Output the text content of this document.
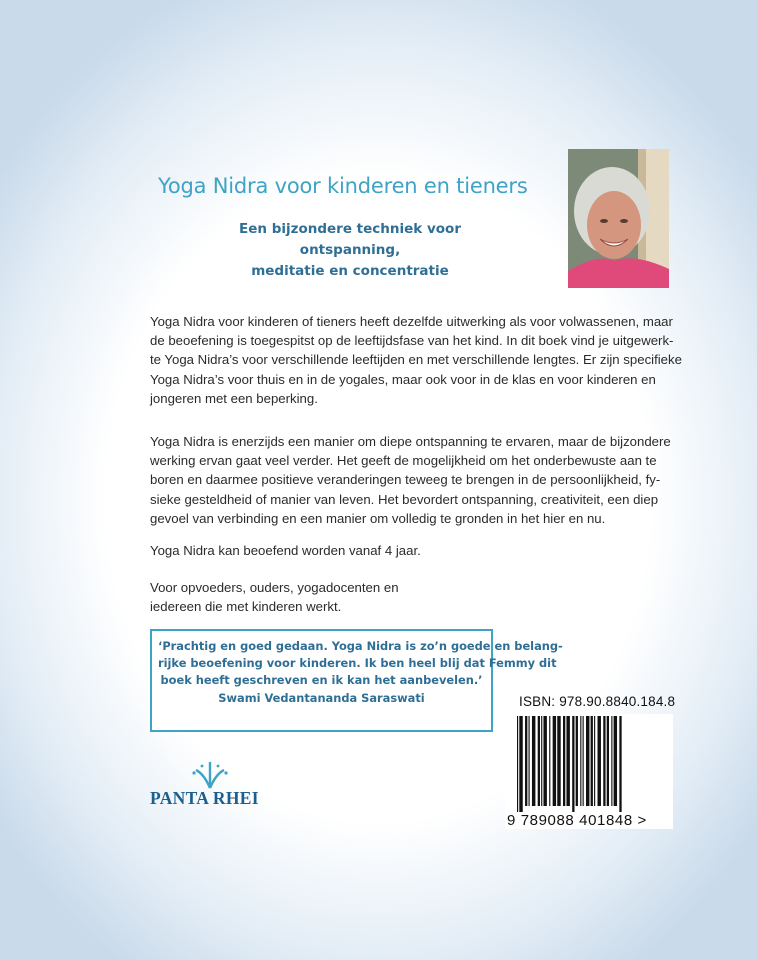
Yoga Nidra voor kinderen en tieners
Een bijzondere techniek voor ontspanning,
meditatie en concentratie
Yoga Nidra voor kinderen of tieners heeft dezelfde uitwerking als voor volwassenen, maar
de beoefening is toegespitst op de leeftijdsfase van het kind. In dit boek vind je uitgewerk-
te Yoga Nidra’s voor verschillende leeftijden en met verschillende lengtes. Er zijn specifieke
Yoga Nidra’s voor thuis en in de yogales, maar ook voor in de klas en voor kinderen en
jongeren met een beperking.
Yoga Nidra is enerzijds een manier om diepe ontspanning te ervaren, maar de bijzondere
werking ervan gaat veel verder. Het geeft de mogelijkheid om het onderbewuste aan te
boren en daarmee positieve veranderingen teweeg te brengen in de persoonlijkheid, fy-
sieke gesteldheid of manier van leven. Het bevordert ontspanning, creativiteit, een diep
gevoel van verbinding en een manier om volledig te gronden in het hier en nu.
Yoga Nidra kan beoefend worden vanaf 4 jaar.
Voor opvoeders, ouders, yogadocenten en
iedereen die met kinderen werkt.
‘Prachtig en goed gedaan. Yoga Nidra is zo’n goede en belang-
rijke beoefening voor kinderen. Ik ben heel blij dat Femmy dit
boek heeft geschreven en ik kan het aanbevelen.’
Swami Vedantananda Saraswati
PANTA RHEI
ISBN: 978.90.8840.184.8
9 789088 401848 >
